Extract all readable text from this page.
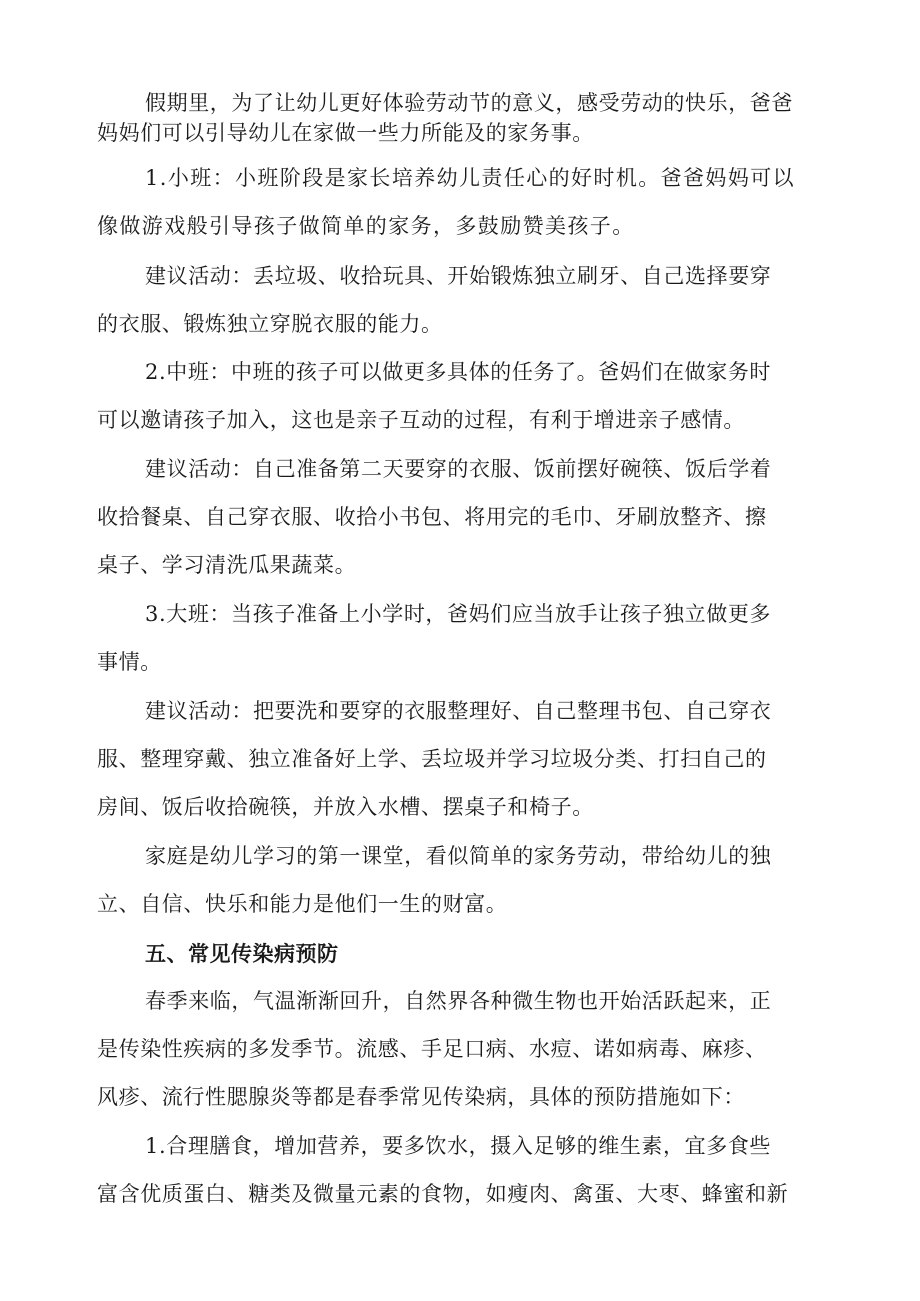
假期里，为了让幼儿更好体验劳动节的意义，感受劳动的快乐，爸爸
妈妈们可以引导幼儿在家做一些力所能及的家务事。
1.小班：小班阶段是家长培养幼儿责任心的好时机。爸爸妈妈可以
像做游戏般引导孩子做简单的家务，多鼓励赞美孩子。
建议活动：丢垃圾、收拾玩具、开始锻炼独立刷牙、自己选择要穿
的衣服、锻炼独立穿脱衣服的能力。
2.中班：中班的孩子可以做更多具体的任务了。爸妈们在做家务时
可以邀请孩子加入，这也是亲子互动的过程，有利于增进亲子感情。
建议活动：自己准备第二天要穿的衣服、饭前摆好碗筷、饭后学着
收拾餐桌、自己穿衣服、收拾小书包、将用完的毛巾、牙刷放整齐、擦
桌子、学习清洗瓜果蔬菜。
3.大班：当孩子准备上小学时，爸妈们应当放手让孩子独立做更多
事情。
建议活动：把要洗和要穿的衣服整理好、自己整理书包、自己穿衣
服、整理穿戴、独立准备好上学、丢垃圾并学习垃圾分类、打扫自己的
房间、饭后收拾碗筷，并放入水槽、摆桌子和椅子。
家庭是幼儿学习的第一课堂，看似简单的家务劳动，带给幼儿的独
立、自信、快乐和能力是他们一生的财富。
五、常见传染病预防
春季来临，气温渐渐回升，自然界各种微生物也开始活跃起来，正
是传染性疾病的多发季节。流感、手足口病、水痘、诺如病毒、麻疹、
风疹、流行性腮腺炎等都是春季常见传染病，具体的预防措施如下：
1.合理膳食，增加营养，要多饮水，摄入足够的维生素，宜多食些
富含优质蛋白、糖类及微量元素的食物，如瘦肉、禽蛋、大枣、蜂蜜和新
